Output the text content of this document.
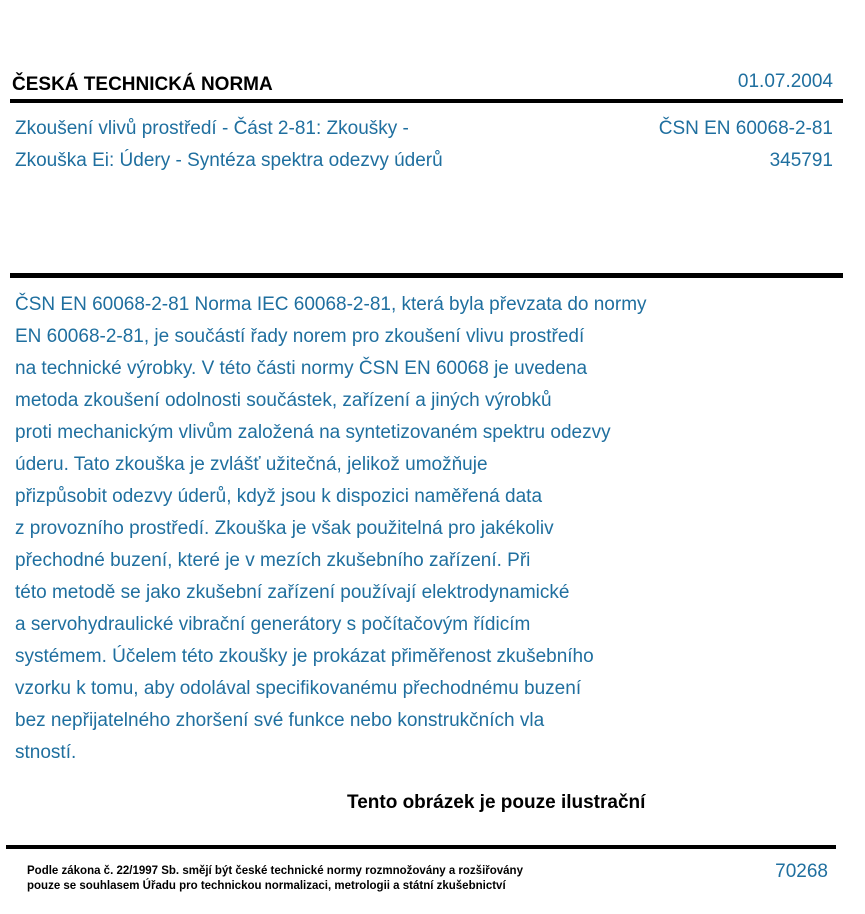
ČESKÁ TECHNICKÁ NORMA	01.07.2004
Zkoušení vlivů prostředí - Část 2-81: Zkoušky -
Zkouška Ei: Údery - Syntéza spektra odezvy úderů
ČSN EN 60068-2-81
345791
ČSN EN 60068-2-81 Norma IEC 60068-2-81, která byla převzata do normy
EN 60068-2-81, je součástí řady norem pro zkoušení vlivu prostředí
na technické výrobky. V této části normy ČSN EN 60068 je uvedena
metoda zkoušení odolnosti součástek, zařízení a jiných výrobků
proti mechanickým vlivům založená na syntetizovaném spektru odezvy
úderu. Tato zkouška je zvlášť užitečná, jelikož umožňuje
přizpůsobit odezvy úderů, když jsou k dispozici naměřená data
z provozního prostředí. Zkouška je však použitelná pro jakékoliv
přechodné buzení, které je v mezích zkušebního zařízení. Při
této metodě se jako zkušební zařízení používají elektrodynamické
a servohydraulické vibrační generátory s počítačovým řídicím
systémem. Účelem této zkoušky je prokázat přiměřenost zkušebního
vzorku k tomu, aby odolával specifikovanému přechodnému buzení
bez nepřijatelného zhoršení své funkce nebo konstrukčních vla
stností.
Tento obrázek je pouze ilustrační
Podle zákona č. 22/1997 Sb. smějí být české technické normy rozmnožovány a rozšiřovány
pouze se souhlasem Úřadu pro technickou normalizaci, metrologii a státní zkušebnictví
70268
